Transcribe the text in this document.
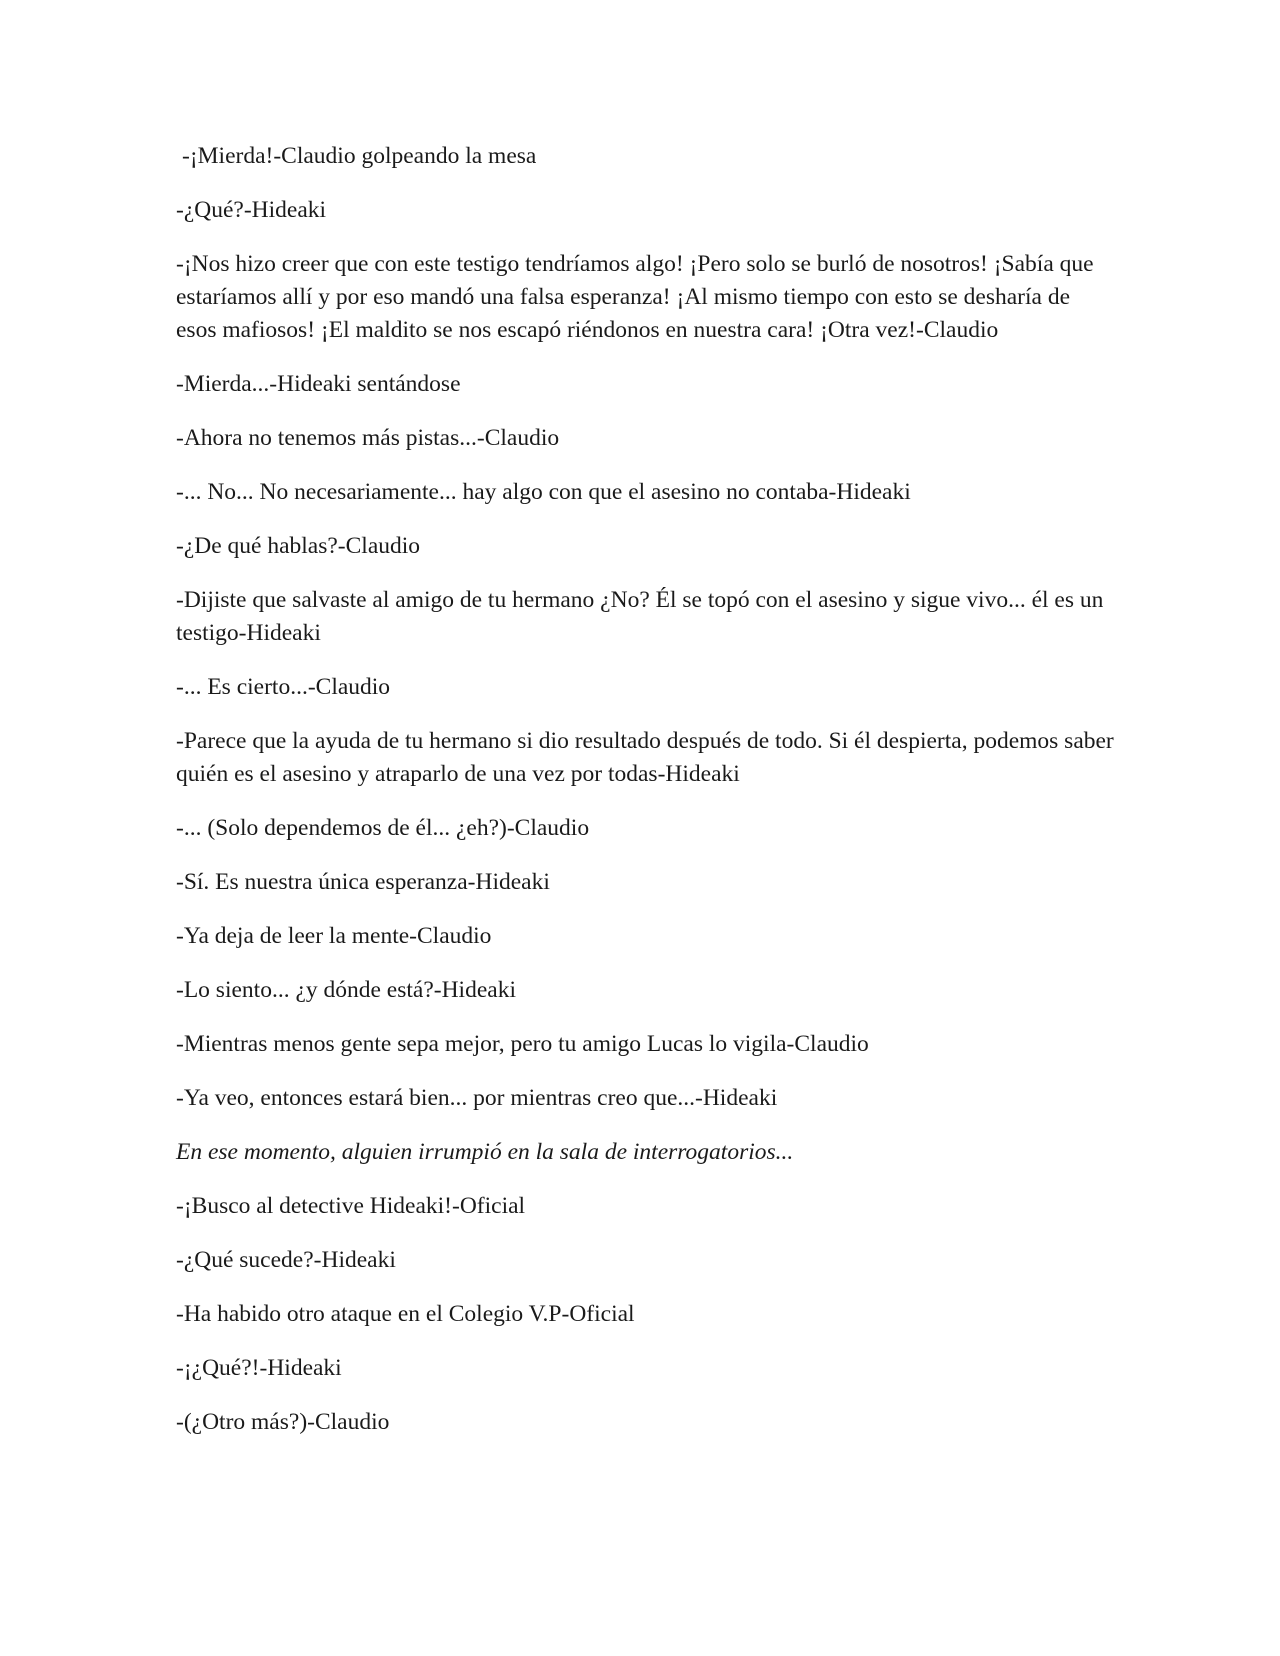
-¡Mierda!-Claudio golpeando la mesa

-¿Qué?-Hideaki

-¡Nos hizo creer que con este testigo tendríamos algo! ¡Pero solo se burló de nosotros! ¡Sabía que estaríamos allí y por eso mandó una falsa esperanza! ¡Al mismo tiempo con esto se desharía de esos mafiosos! ¡El maldito se nos escapó riéndonos en nuestra cara! ¡Otra vez!-Claudio

-Mierda...-Hideaki sentándose

-Ahora no tenemos más pistas...-Claudio

-... No... No necesariamente... hay algo con que el asesino no contaba-Hideaki

-¿De qué hablas?-Claudio

-Dijiste que salvaste al amigo de tu hermano ¿No? Él se topó con el asesino y sigue vivo... él es un testigo-Hideaki

-... Es cierto...-Claudio

-Parece que la ayuda de tu hermano si dio resultado después de todo. Si él despierta, podemos saber quién es el asesino y atraparlo de una vez por todas-Hideaki

-... (Solo dependemos de él... ¿eh?)-Claudio

-Sí. Es nuestra única esperanza-Hideaki

-Ya deja de leer la mente-Claudio

-Lo siento... ¿y dónde está?-Hideaki

-Mientras menos gente sepa mejor, pero tu amigo Lucas lo vigila-Claudio

-Ya veo, entonces estará bien... por mientras creo que...-Hideaki

En ese momento, alguien irrumpió en la sala de interrogatorios...

-¡Busco al detective Hideaki!-Oficial

-¿Qué sucede?-Hideaki

-Ha habido otro ataque en el Colegio V.P-Oficial

-¡¿Qué?!-Hideaki

-(¿Otro más?)-Claudio
